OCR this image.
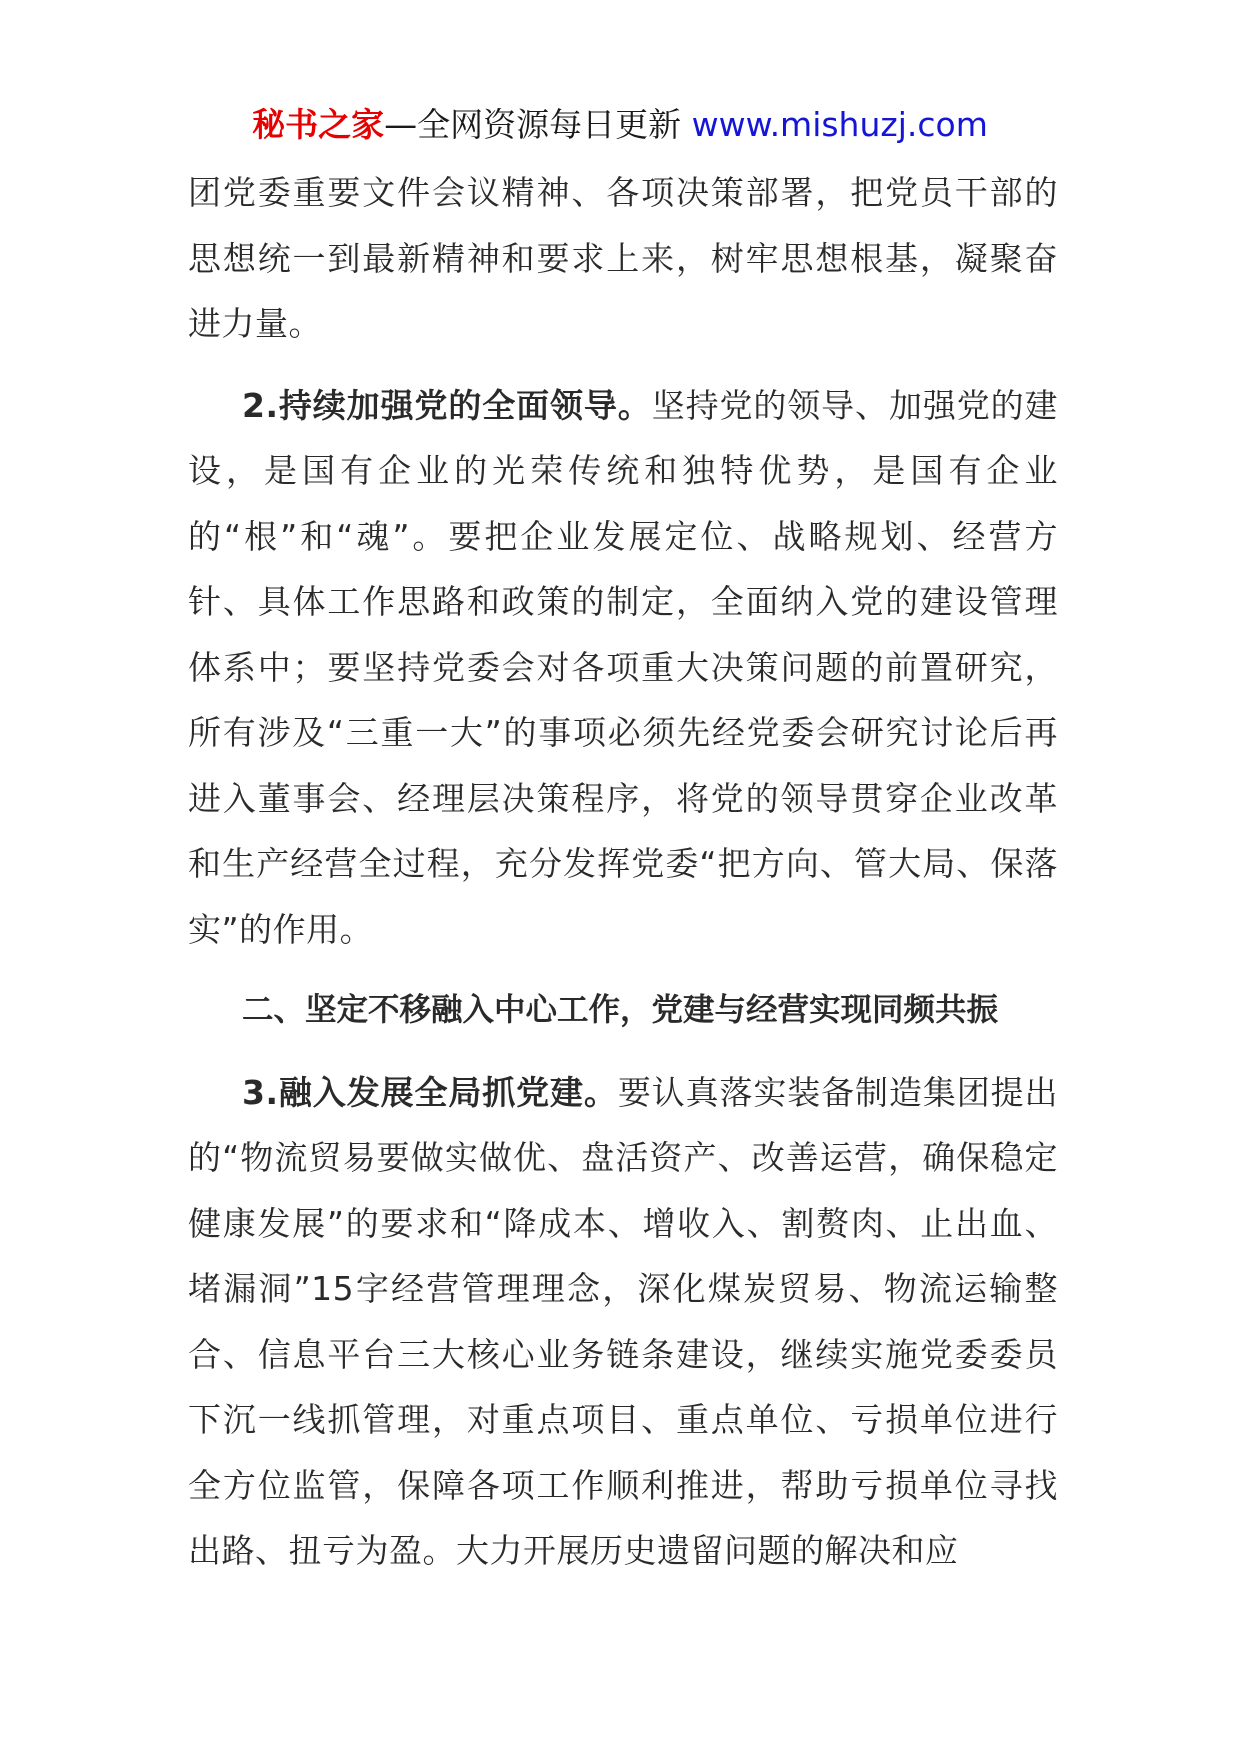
秘书之家—全网资源每日更新 www.mishuzj.com

团党委重要文件会议精神、各项决策部署，把党员干部的思想统一到最新精神和要求上来，树牢思想根基，凝聚奋进力量。

2.持续加强党的全面领导。坚持党的领导、加强党的建设，是国有企业的光荣传统和独特优势，是国有企业的“根”和“魂”。要把企业发展定位、战略规划、经营方针、具体工作思路和政策的制定，全面纳入党的建设管理体系中；要坚持党委会对各项重大决策问题的前置研究，所有涉及“三重一大”的事项必须先经党委会研究讨论后再进入董事会、经理层决策程序，将党的领导贯穿企业改革和生产经营全过程，充分发挥党委“把方向、管大局、保落实”的作用。

二、坚定不移融入中心工作，党建与经营实现同频共振

3.融入发展全局抓党建。要认真落实装备制造集团提出的“物流贸易要做实做优、盘活资产、改善运营，确保稳定健康发展”的要求和“降成本、增收入、割赘肉、止出血、堵漏洞”15字经营管理理念，深化煤炭贸易、物流运输整合、信息平台三大核心业务链条建设，继续实施党委委员下沉一线抓管理，对重点项目、重点单位、亏损单位进行全方位监管，保障各项工作顺利推进，帮助亏损单位寻找出路、扭亏为盈。大力开展历史遗留问题的解决和应
